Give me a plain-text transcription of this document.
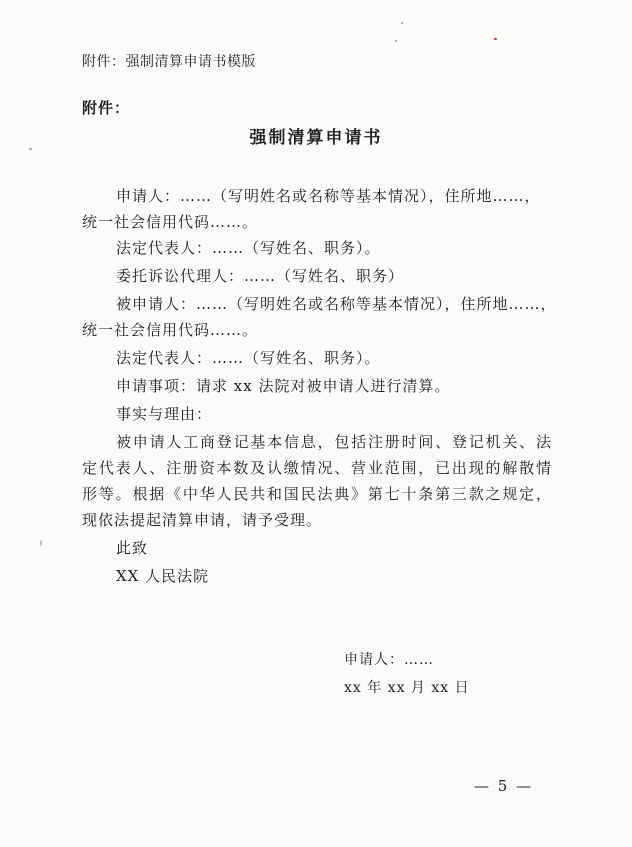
附件：强制清算申请书模版
附件：
强制清算申请书
申请人：……（写明姓名或名称等基本情况），住所地……，
统一社会信用代码……。
法定代表人：……（写姓名、职务）。
委托诉讼代理人：……（写姓名、职务）
被申请人：……（写明姓名或名称等基本情况），住所地……，
统一社会信用代码……。
法定代表人：……（写姓名、职务）。
申请事项：请求 xx 法院对被申请人进行清算。
事实与理由：
被申请人工商登记基本信息，包括注册时间、登记机关、法
定代表人、注册资本数及认缴情况、营业范围，已出现的解散情
形等。根据《中华人民共和国民法典》第七十条第三款之规定，
现依法提起清算申请，请予受理。
此致
XX 人民法院
申请人：……
xx 年 xx 月 xx 日
— 5 —
